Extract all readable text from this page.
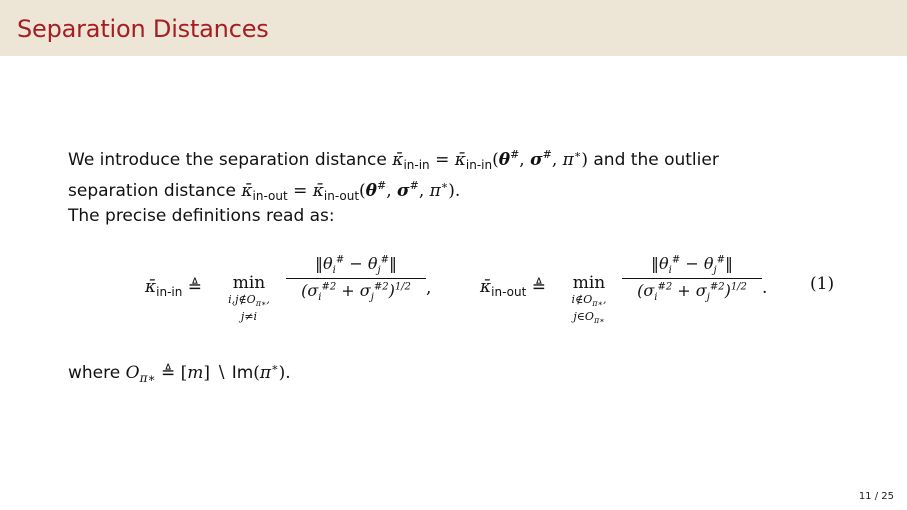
Separation Distances
We introduce the separation distance $\kappā_{in-in}$ = $\kappā_{in-in}(\theta^{\#}$, σ#, π∗) and the outlier
separation distance $\kappā_{in-out}$ = $\kappā_{in-out}(\theta^{\#}$, σ#, π∗).
The precise definitions read as:
$\kappā_{in-in}$ ≜	min
$i,j\notin O_{\pi∗}$,
j≠i
$\frac{‖\theta_i^{\#} - \theta_j^{\#}‖}{(\sigma_i^{\#2} + \sigma_j^{\#2})^{1/2}}$ ,	$\kappā_{in-out}$ ≜	min
$i\notin O_{\pi∗}$,
$j\in O_{\pi∗}$
$\frac{‖\theta_i^{\#} - \theta_j^{\#}‖}{(\sigma_i^{\#2} + \sigma_j^{\#2})^{1/2}}$ .	(1)
where $O_{\pi∗}$ ≜ [m] ∖ Im(π∗).
11 / 25
